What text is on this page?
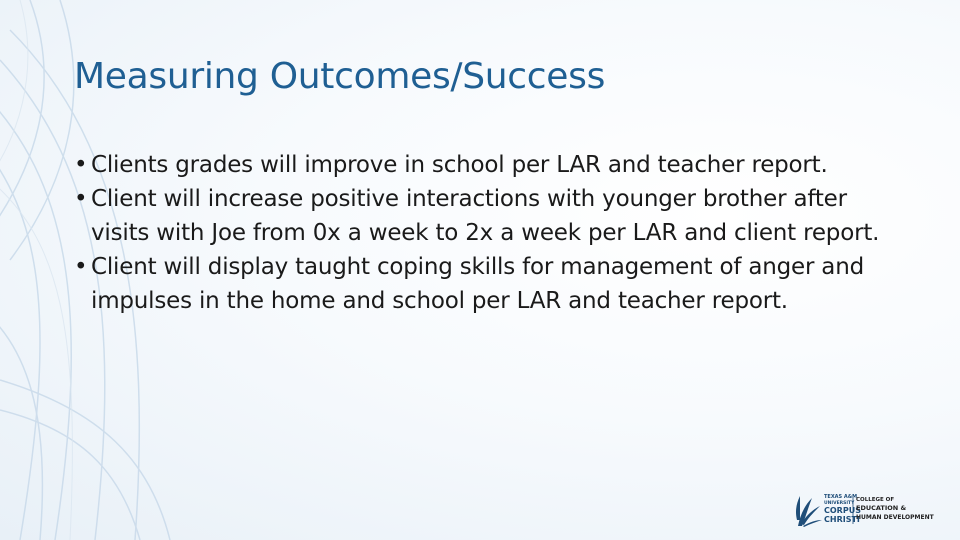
Measuring Outcomes/Success
• Clients grades will improve in school per LAR and teacher report.
• Client will increase positive interactions with younger brother after visits with Joe from 0x a week to 2x a week per LAR and client report.
• Client will display taught coping skills for management of anger and impulses in the home and school per LAR and teacher report.
TEXAS A&M
UNIVERSITY
CORPUS
CHRISTI
COLLEGE OF
EDUCATION &
HUMAN DEVELOPMENT
